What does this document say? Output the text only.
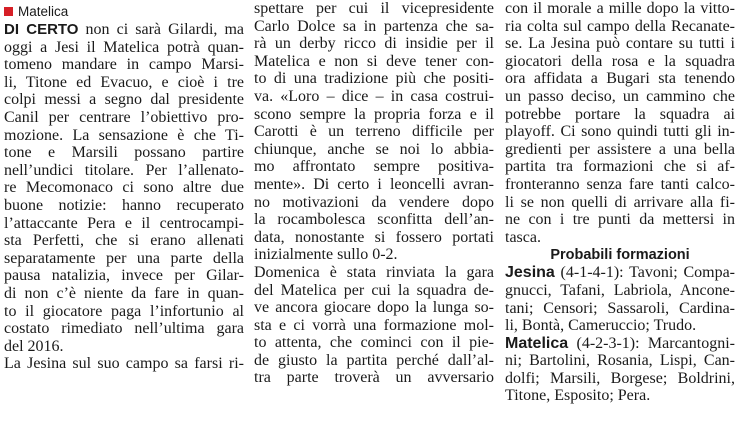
Matelica
DI CERTO non ci sarà Gilardi, ma
oggi a Jesi il Matelica potrà quan-
tomeno mandare in campo Marsi-
li, Titone ed Evacuo, e cioè i tre
colpi messi a segno dal presidente
Canil per centrare l’obiettivo pro-
mozione. La sensazione è che Ti-
tone e Marsili possano partire
nell’undici titolare. Per l’allenato-
re Mecomonaco ci sono altre due
buone notizie: hanno recuperato
l’attaccante Pera e il centrocampi-
sta Perfetti, che si erano allenati
separatamente per una parte della
pausa natalizia, invece per Gilar-
di non c’è niente da fare in quan-
to il giocatore paga l’infortunio al
costato rimediato nell’ultima gara
del 2016.
La Jesina sul suo campo sa farsi ri-
spettare per cui il vicepresidente
Carlo Dolce sa in partenza che sa-
rà un derby ricco di insidie per il
Matelica e non si deve tener con-
to di una tradizione più che positi-
va. «Loro – dice – in casa costrui-
scono sempre la propria forza e il
Carotti è un terreno difficile per
chiunque, anche se noi lo abbia-
mo affrontato sempre positiva-
mente». Di certo i leoncelli avran-
no motivazioni da vendere dopo
la rocambolesca sconfitta dell’an-
data, nonostante si fossero portati
inizialmente sullo 0-2.
Domenica è stata rinviata la gara
del Matelica per cui la squadra de-
ve ancora giocare dopo la lunga so-
sta e ci vorrà una formazione mol-
to attenta, che cominci con il pie-
de giusto la partita perché dall’al-
tra parte troverà un avversario
con il morale a mille dopo la vitto-
ria colta sul campo della Recanate-
se. La Jesina può contare su tutti i
giocatori della rosa e la squadra
ora affidata a Bugari sta tenendo
un passo deciso, un cammino che
potrebbe portare la squadra ai
playoff. Ci sono quindi tutti gli in-
gredienti per assistere a una bella
partita tra formazioni che si af-
fronteranno senza fare tanti calco-
li se non quelli di arrivare alla fi-
ne con i tre punti da mettersi in
tasca.
Probabili formazioni
Jesina (4-1-4-1): Tavoni; Compa-
gnucci, Tafani, Labriola, Anconе-
tani; Censori; Sassaroli, Cardina-
li, Bontà, Cameruccio; Trudo.
Matelica (4-2-3-1): Marcantogni-
ni; Bartolini, Rosania, Lispi, Can-
dolfi; Marsili, Borgese; Boldrini,
Titone, Esposito; Pera.
